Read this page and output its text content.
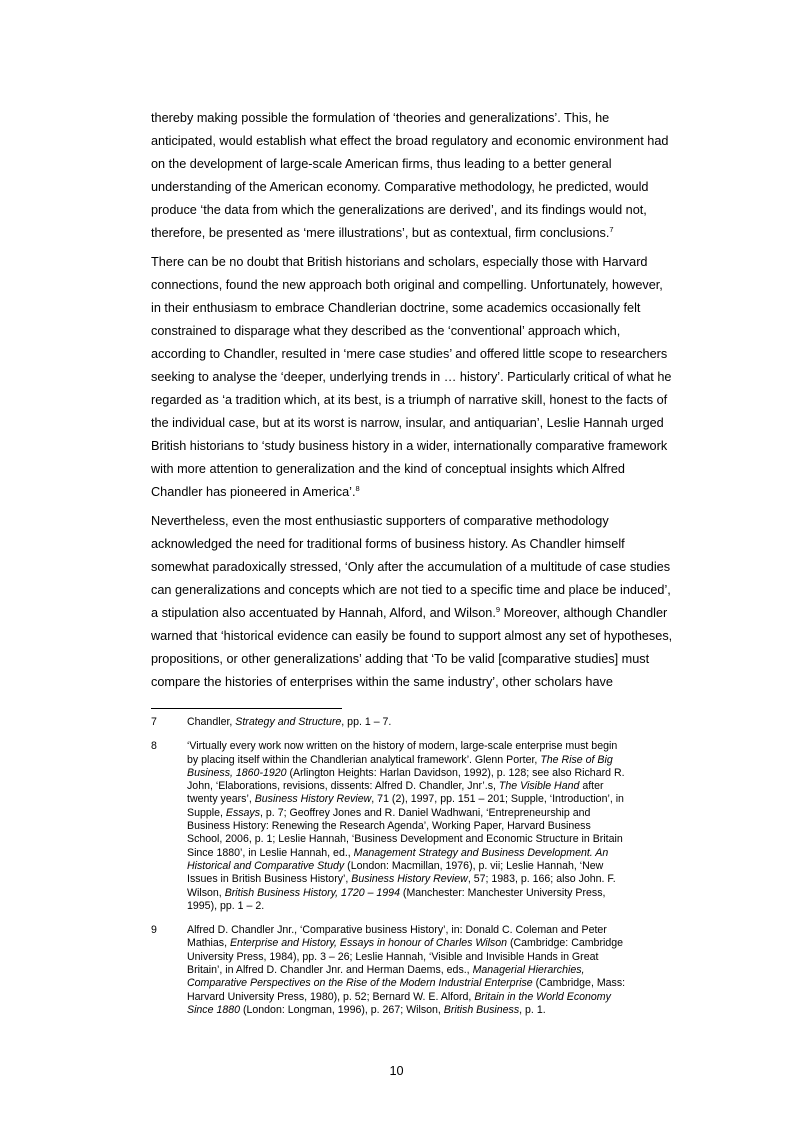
thereby making possible the formulation of ‘theories and generalizations’. This, he
anticipated, would establish what effect the broad regulatory and economic environment had
on the development of large-scale American firms, thus leading to a better general
understanding of the American economy. Comparative methodology, he predicted, would
produce ‘the data from which the generalizations are derived’, and its findings would not,
therefore, be presented as ‘mere illustrations’, but as contextual, firm conclusions.$^7$

There can be no doubt that British historians and scholars, especially those with Harvard
connections, found the new approach both original and compelling. Unfortunately, however,
in their enthusiasm to embrace Chandlerian doctrine, some academics occasionally felt
constrained to disparage what they described as the ‘conventional’ approach which,
according to Chandler, resulted in ‘mere case studies’ and offered little scope to researchers
seeking to analyse the ‘deeper, underlying trends in … history’. Particularly critical of what he
regarded as ‘a tradition which, at its best, is a triumph of narrative skill, honest to the facts of
the individual case, but at its worst is narrow, insular, and antiquarian’, Leslie Hannah urged
British historians to ‘study business history in a wider, internationally comparative framework
with more attention to generalization and the kind of conceptual insights which Alfred
Chandler has pioneered in America’.$^8$

Nevertheless, even the most enthusiastic supporters of comparative methodology
acknowledged the need for traditional forms of business history. As Chandler himself
somewhat paradoxically stressed, ‘Only after the accumulation of a multitude of case studies
can generalizations and concepts which are not tied to a specific time and place be induced’,
a stipulation also accentuated by Hannah, Alford, and Wilson.$^9$ Moreover, although Chandler
warned that ‘historical evidence can easily be found to support almost any set of hypotheses,
propositions, or other generalizations’ adding that ‘To be valid [comparative studies] must
compare the histories of enterprises within the same industry’, other scholars have

7	Chandler, Strategy and Structure, pp. 1 – 7.
8	‘Virtually every work now written on the history of modern, large-scale enterprise must begin
by placing itself within the Chandlerian analytical framework’. Glenn Porter, The Rise of Big
Business, 1860-1920 (Arlington Heights: Harlan Davidson, 1992), p. 128; see also Richard R.
John, ‘Elaborations, revisions, dissents: Alfred D. Chandler, Jnr’.s, The Visible Hand after
twenty years’, Business History Review, 71 (2), 1997, pp. 151 – 201; Supple, ‘Introduction’, in
Supple, Essays, p. 7; Geoffrey Jones and R. Daniel Wadhwani, ‘Entrepreneurship and
Business History: Renewing the Research Agenda’, Working Paper, Harvard Business
School, 2006, p. 1; Leslie Hannah, ‘Business Development and Economic Structure in Britain
Since 1880’, in Leslie Hannah, ed., Management Strategy and Business Development. An
Historical and Comparative Study (London: Macmillan, 1976), p. vii; Leslie Hannah, ‘New
Issues in British Business History’, Business History Review, 57; 1983, p. 166; also John. F.
Wilson, British Business History, 1720 – 1994 (Manchester: Manchester University Press,
1995), pp. 1 – 2.
9	Alfred D. Chandler Jnr., ‘Comparative business History’, in: Donald C. Coleman and Peter
Mathias, Enterprise and History, Essays in honour of Charles Wilson (Cambridge: Cambridge
University Press, 1984), pp. 3 – 26; Leslie Hannah, ‘Visible and Invisible Hands in Great
Britain’, in Alfred D. Chandler Jnr. and Herman Daems, eds., Managerial Hierarchies,
Comparative Perspectives on the Rise of the Modern Industrial Enterprise (Cambridge, Mass:
Harvard University Press, 1980), p. 52; Bernard W. E. Alford, Britain in the World Economy
Since 1880 (London: Longman, 1996), p. 267; Wilson, British Business, p. 1.
10
